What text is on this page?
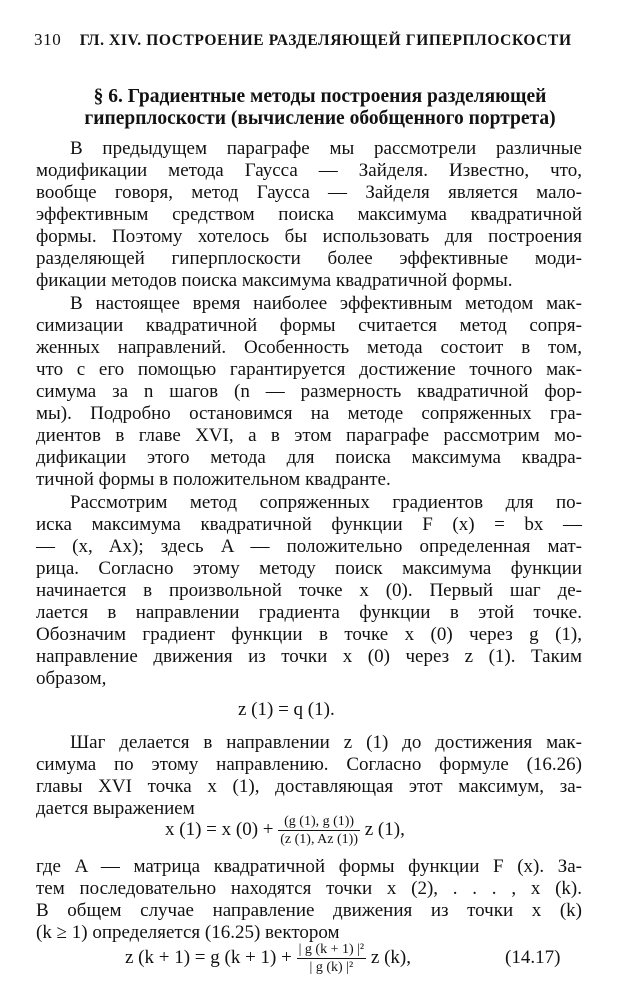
310 ГЛ. XIV. ПОСТРОЕНИЕ РАЗДЕЛЯЮЩЕЙ ГИПЕРПЛОСКОСТИ
§ 6. Градиентные методы построения разделяющей
гиперплоскости (вычисление обобщенного портрета)
В предыдущем параграфе мы рассмотрели различные
модификации метода Гаусса — Зайделя. Известно, что,
вообще говоря, метод Гаусса — Зайделя является мало-
эффективным средством поиска максимума квадратичной
формы. Поэтому хотелось бы использовать для построения
разделяющей гиперплоскости более эффективные моди-
фикации методов поиска максимума квадратичной формы.
В настоящее время наиболее эффективным методом мак-
симизации квадратичной формы считается метод сопря-
женных направлений. Особенность метода состоит в том,
что с его помощью гарантируется достижение точного мак-
симума за n шагов (n — размерность квадратичной фор-
мы). Подробно остановимся на методе сопряженных гра-
диентов в главе XVI, а в этом параграфе рассмотрим мо-
дификации этого метода для поиска максимума квадра-
тичной формы в положительном квадранте.
Рассмотрим метод сопряженных градиентов для по-
иска максимума квадратичной функции F (x) = bx —
— (x, Ax); здесь A — положительно определенная мат-
рица. Согласно этому методу поиск максимума функции
начинается в произвольной точке x (0). Первый шаг де-
лается в направлении градиента функции в этой точке.
Обозначим градиент функции в точке x (0) через g (1),
направление движения из точки x (0) через z (1). Таким
образом,
z (1) = q (1).
Шаг делается в направлении z (1) до достижения мак-
симума по этому направлению. Согласно формуле (16.26)
главы XVI точка x (1), доставляющая этот максимум, за-
дается выражением
x (1) = x $(0) + \frac{(g (1), g (1))}{(z (1), Az (1))}$ z (1),
где A — матрица квадратичной формы функции F (x). За-
тем последовательно находятся точки x (2), . . . , x (k).
В общем случае направление движения из точки x (k)
(k ≥ 1) определяется (16.25) вектором
z (k + 1) = g $(k + 1) + \frac{\text{| g (k + 1) |²}}{\text{| g (k) |²}}$ z (k),	(14.17)
